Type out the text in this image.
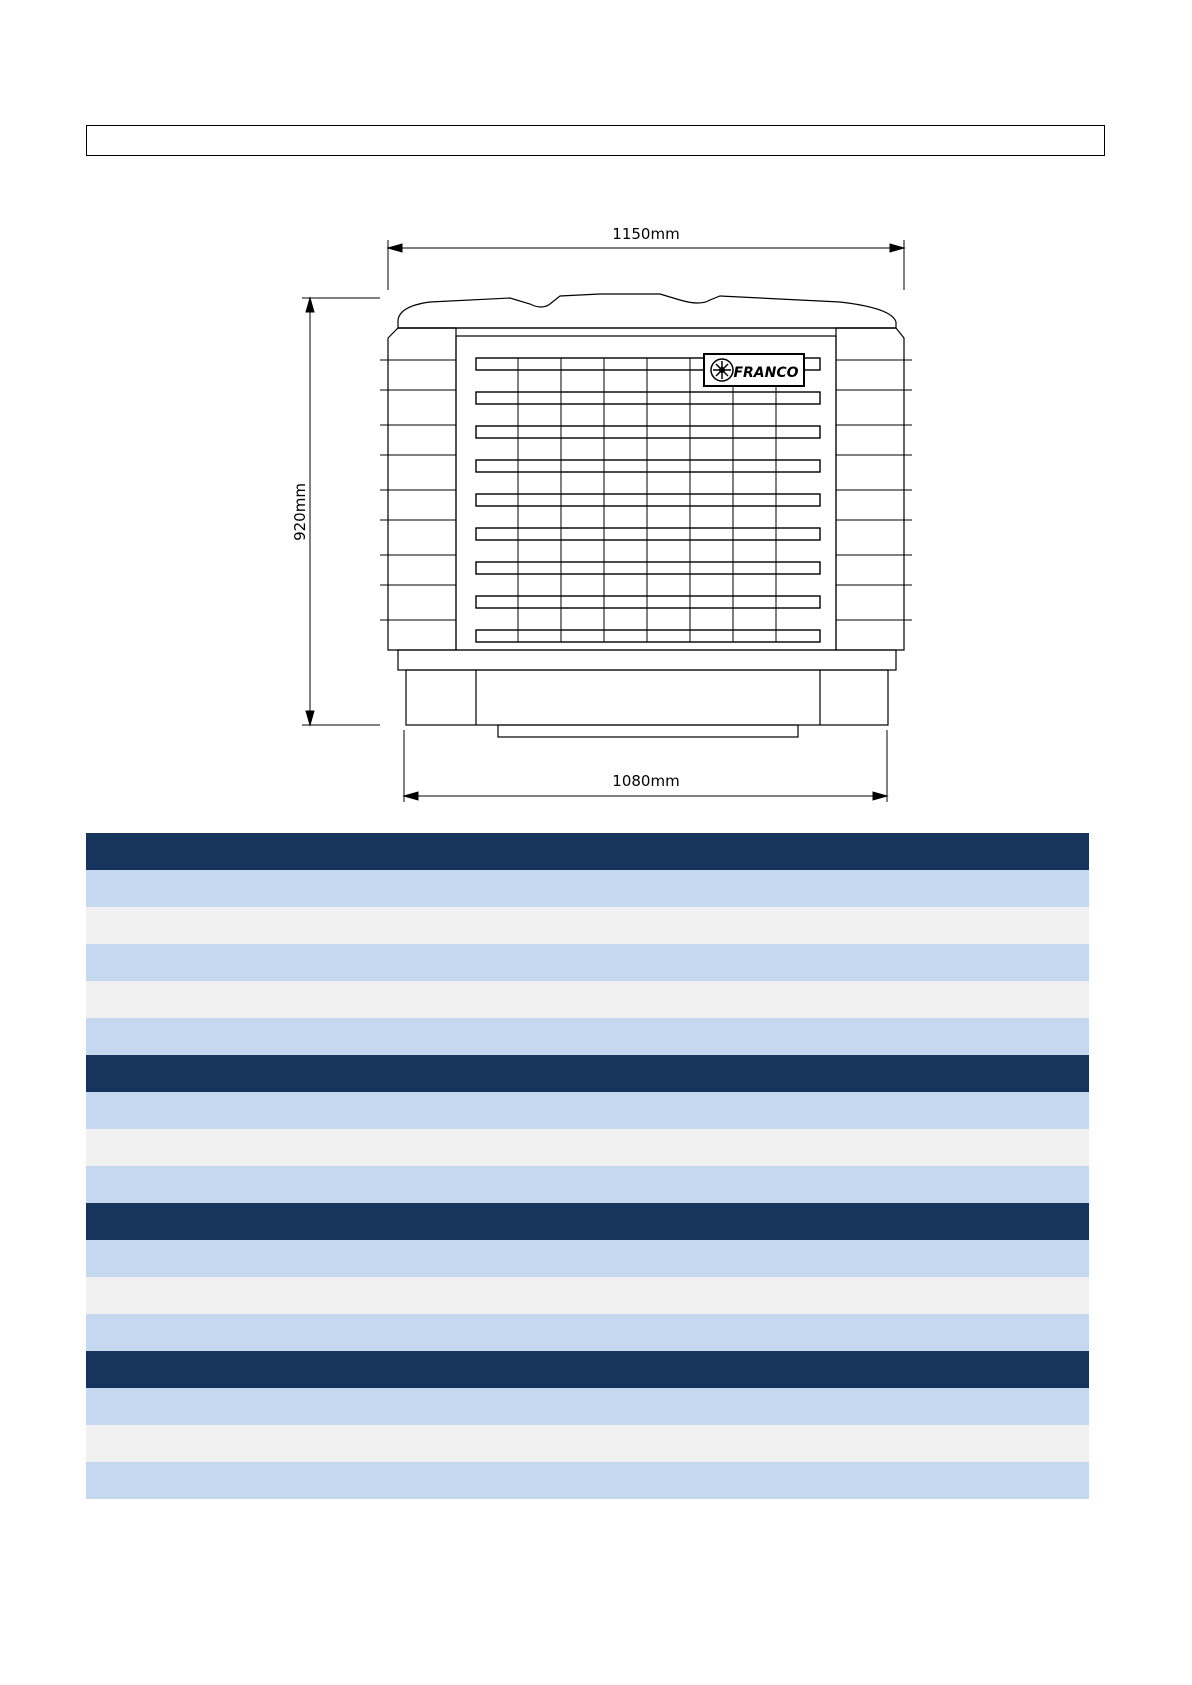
1150mm
920mm
FRANCO
1080mm
